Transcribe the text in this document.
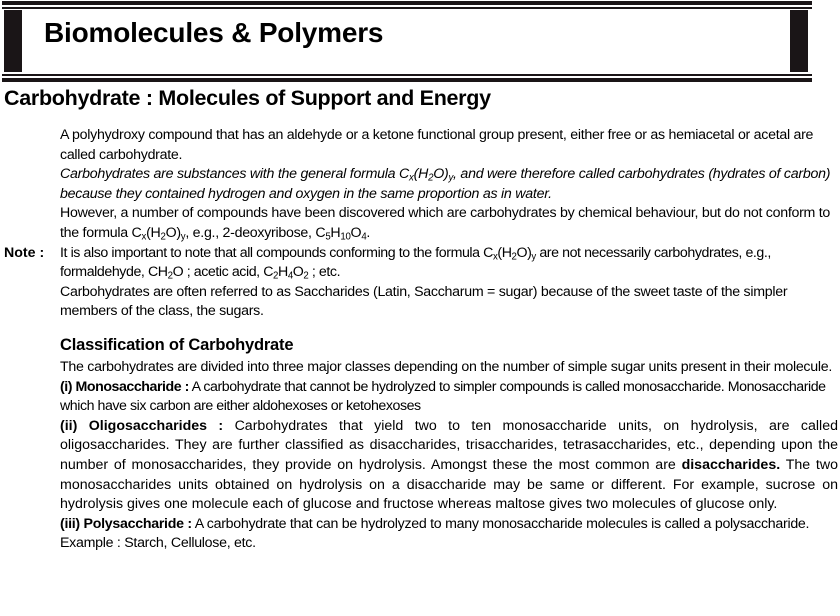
Biomolecules & Polymers
Carbohydrate : Molecules of Support and Energy

A polyhydroxy compound that has an aldehyde or a ketone functional group present, either free or as hemiacetal or acetal are called carbohydrate.

Carbohydrates are substances with the general formula $C_x(H_2O)_y$, and were therefore called carbohydrates (hydrates of carbon) because they contained hydrogen and oxygen in the same proportion as in water.

However, a number of compounds have been discovered which are carbohydrates by chemical behaviour, but do not conform to the formula $C_x(H_2O)_y$, e.g., 2-deoxyribose, $C_5H_{10}O_4$.

Note : It is also important to note that all compounds conforming to the formula $C_x(H_2O)_y$ are not necessarily carbohydrates, e.g., formaldehyde, $CH_2O$ ; acetic acid, $C_2H_4O_2$ ; etc.

Carbohydrates are often referred to as Saccharides (Latin, Saccharum = sugar) because of the sweet taste of the simpler members of the class, the sugars.

Classification of Carbohydrate

The carbohydrates are divided into three major classes depending on the number of simple sugar units present in their molecule.

(i) Monosaccharide : A carbohydrate that cannot be hydrolyzed to simpler compounds is called monosaccharide. Monosaccharide which have six carbon are either aldohexoses or ketohexoses

(ii) Oligosaccharides : Carbohydrates that yield two to ten monosaccharide units, on hydrolysis, are called oligosaccharides. They are further classified as disaccharides, trisaccharides, tetrasaccharides, etc., depending upon the number of monosaccharides, they provide on hydrolysis. Amongst these the most common are disaccharides. The two monosaccharides units obtained on hydrolysis on a disaccharide may be same or different. For example, sucrose on hydrolysis gives one molecule each of glucose and fructose whereas maltose gives two molecules of glucose only.

(iii) Polysaccharide : A carbohydrate that can be hydrolyzed to many monosaccharide molecules is called a polysaccharide. Example : Starch, Cellulose, etc.
